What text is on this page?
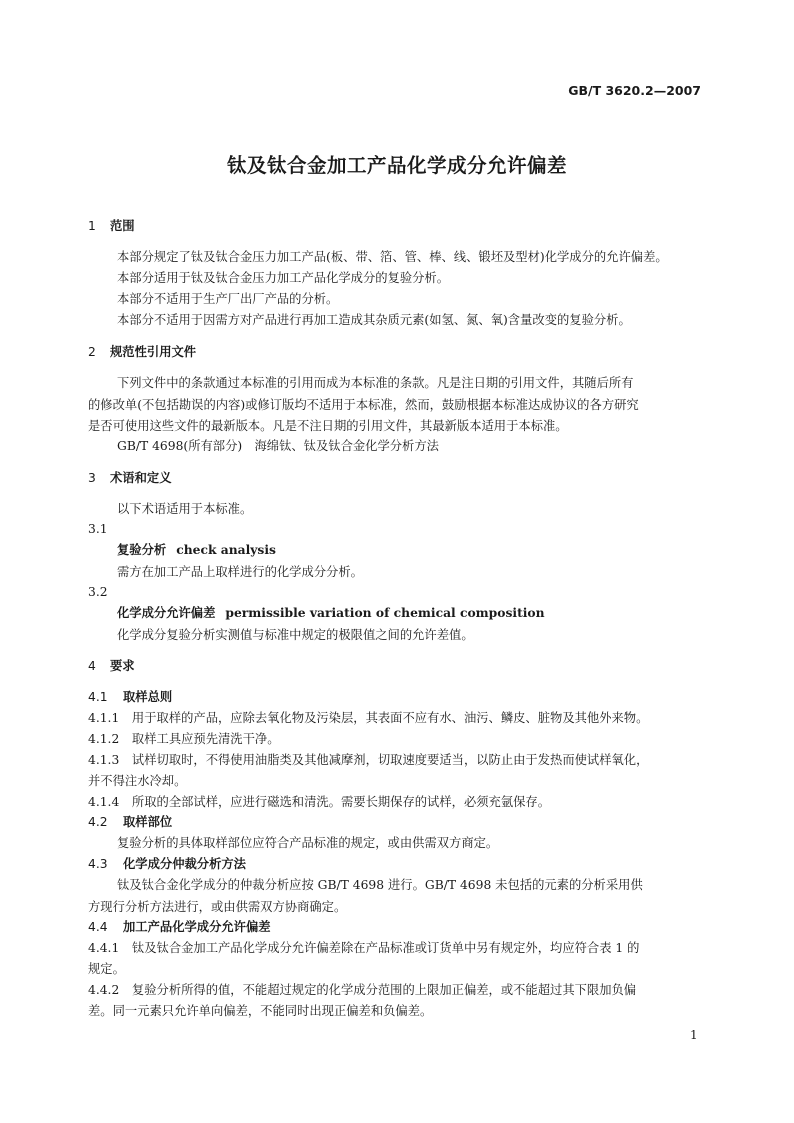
GB/T 3620.2—2007
钛及钛合金加工产品化学成分允许偏差
1 范围
本部分规定了钛及钛合金压力加工产品(板、带、箔、管、棒、线、锻坯及型材)化学成分的允许偏差。
本部分适用于钛及钛合金压力加工产品化学成分的复验分析。
本部分不适用于生产厂出厂产品的分析。
本部分不适用于因需方对产品进行再加工造成其杂质元素(如氢、氮、氧)含量改变的复验分析。
2 规范性引用文件
下列文件中的条款通过本标准的引用而成为本标准的条款。凡是注日期的引用文件，其随后所有
的修改单(不包括勘误的内容)或修订版均不适用于本标准，然而，鼓励根据本标准达成协议的各方研究
是否可使用这些文件的最新版本。凡是不注日期的引用文件，其最新版本适用于本标准。
GB/T 4698(所有部分)　海绵钛、钛及钛合金化学分析方法
3 术语和定义
以下术语适用于本标准。
3.1
复验分析 check analysis
需方在加工产品上取样进行的化学成分分析。
3.2
化学成分允许偏差 permissible variation of chemical composition
化学成分复验分析实测值与标准中规定的极限值之间的允许差值。
4 要求
4.1 取样总则
4.1.1 用于取样的产品，应除去氧化物及污染层，其表面不应有水、油污、鳞皮、脏物及其他外来物。
4.1.2 取样工具应预先清洗干净。
4.1.3 试样切取时，不得使用油脂类及其他减摩剂，切取速度要适当，以防止由于发热而使试样氧化，
并不得注水冷却。
4.1.4 所取的全部试样，应进行磁选和清洗。需要长期保存的试样，必须充氩保存。
4.2 取样部位
复验分析的具体取样部位应符合产品标准的规定，或由供需双方商定。
4.3 化学成分仲裁分析方法
钛及钛合金化学成分的仲裁分析应按 GB/T 4698 进行。GB/T 4698 未包括的元素的分析采用供
方现行分析方法进行，或由供需双方协商确定。
4.4 加工产品化学成分允许偏差
4.4.1 钛及钛合金加工产品化学成分允许偏差除在产品标准或订货单中另有规定外，均应符合表 1 的
规定。
4.4.2 复验分析所得的值，不能超过规定的化学成分范围的上限加正偏差，或不能超过其下限加负偏
差。同一元素只允许单向偏差，不能同时出现正偏差和负偏差。
1
